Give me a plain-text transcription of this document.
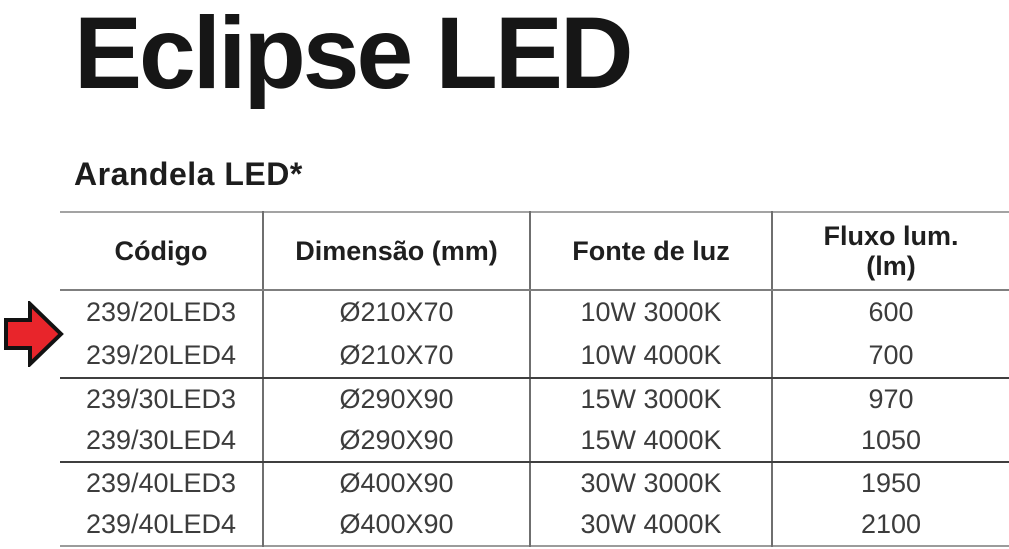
Eclipse LED
Arandela LED*
Código	Dimensão (mm)	Fonte de luz	Fluxo lum.
(lm)
239/20LED3	Ø210X70	10W 3000K	600
239/20LED4	Ø210X70	10W 4000K	700
239/30LED3	Ø290X90	15W 3000K	970
239/30LED4	Ø290X90	15W 4000K	1050
239/40LED3	Ø400X90	30W 3000K	1950
239/40LED4	Ø400X90	30W 4000K	2100
